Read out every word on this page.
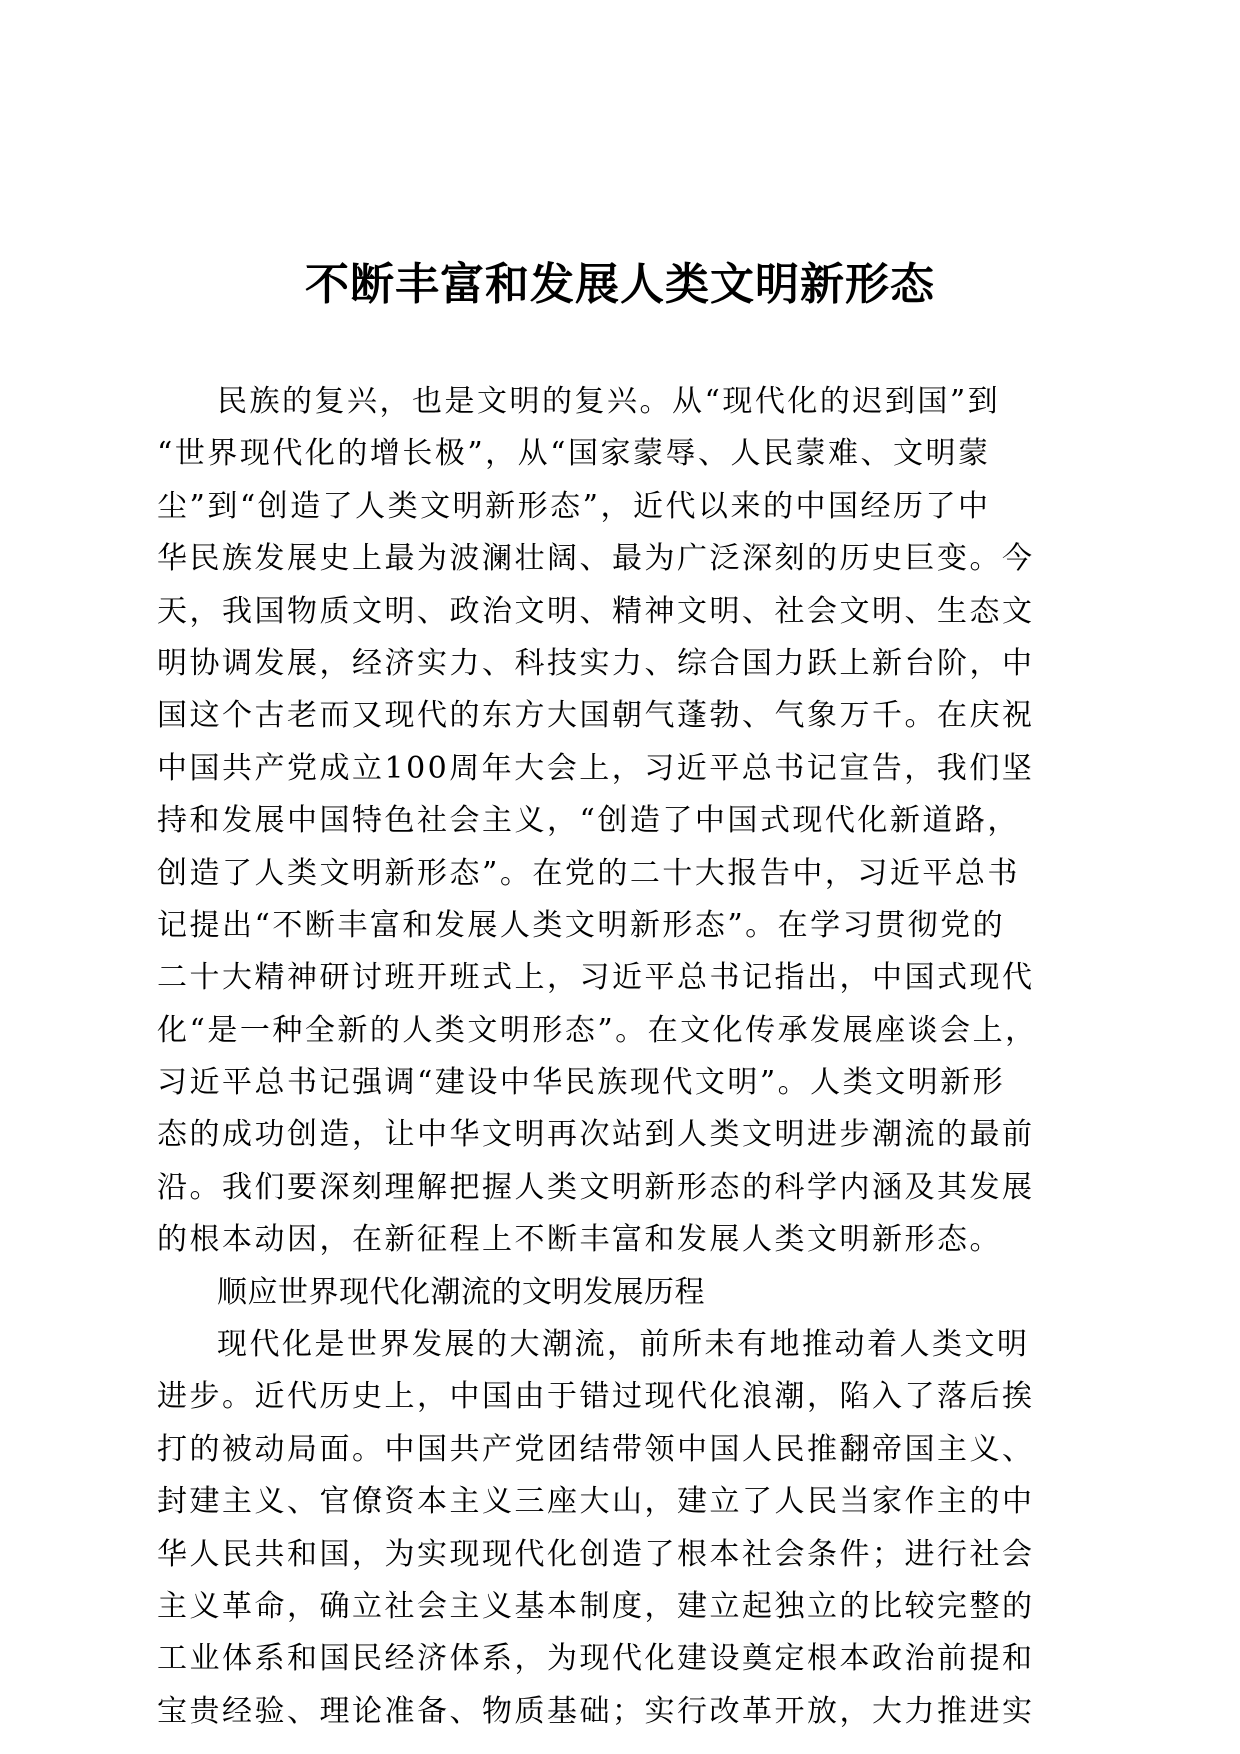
不断丰富和发展人类文明新形态
民族的复兴，也是文明的复兴。从“现代化的迟到国”到
“世界现代化的增长极”，从“国家蒙辱、人民蒙难、文明蒙
尘”到“创造了人类文明新形态”，近代以来的中国经历了中
华民族发展史上最为波澜壮阔、最为广泛深刻的历史巨变。今
天，我国物质文明、政治文明、精神文明、社会文明、生态文
明协调发展，经济实力、科技实力、综合国力跃上新台阶，中
国这个古老而又现代的东方大国朝气蓬勃、气象万千。在庆祝
中国共产党成立100周年大会上，习近平总书记宣告，我们坚
持和发展中国特色社会主义，“创造了中国式现代化新道路，
创造了人类文明新形态”。在党的二十大报告中，习近平总书
记提出“不断丰富和发展人类文明新形态”。在学习贯彻党的
二十大精神研讨班开班式上，习近平总书记指出，中国式现代
化“是一种全新的人类文明形态”。在文化传承发展座谈会上，
习近平总书记强调“建设中华民族现代文明”。人类文明新形
态的成功创造，让中华文明再次站到人类文明进步潮流的最前
沿。我们要深刻理解把握人类文明新形态的科学内涵及其发展
的根本动因，在新征程上不断丰富和发展人类文明新形态。
顺应世界现代化潮流的文明发展历程
现代化是世界发展的大潮流，前所未有地推动着人类文明
进步。近代历史上，中国由于错过现代化浪潮，陷入了落后挨
打的被动局面。中国共产党团结带领中国人民推翻帝国主义、
封建主义、官僚资本主义三座大山，建立了人民当家作主的中
华人民共和国，为实现现代化创造了根本社会条件；进行社会
主义革命，确立社会主义基本制度，建立起独立的比较完整的
工业体系和国民经济体系，为现代化建设奠定根本政治前提和
宝贵经验、理论准备、物质基础；实行改革开放，大力推进实
